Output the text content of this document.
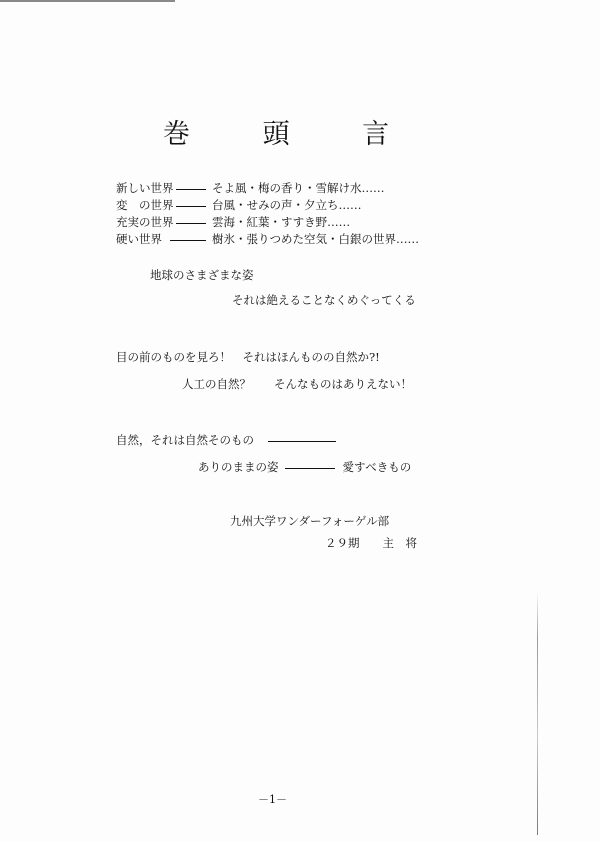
巻 頭 言
新しい世界	そよ風・梅の香り・雪解け水……
変　の世界	台風・せみの声・夕立ち……
充実の世界	雲海・紅葉・すすき野……
硬い世界	樹氷・張りつめた空気・白銀の世界……
地球のさまざまな姿
それは絶えることなくめぐってくる
目の前のものを見ろ！　それはほんものの自然か?!
人工の自然？　　そんなものはありえない！
自然，それは自然そのもの
ありのままの姿	愛すべきもの
九州大学ワンダーフォーゲル部
２９期　　主　将
－1－
